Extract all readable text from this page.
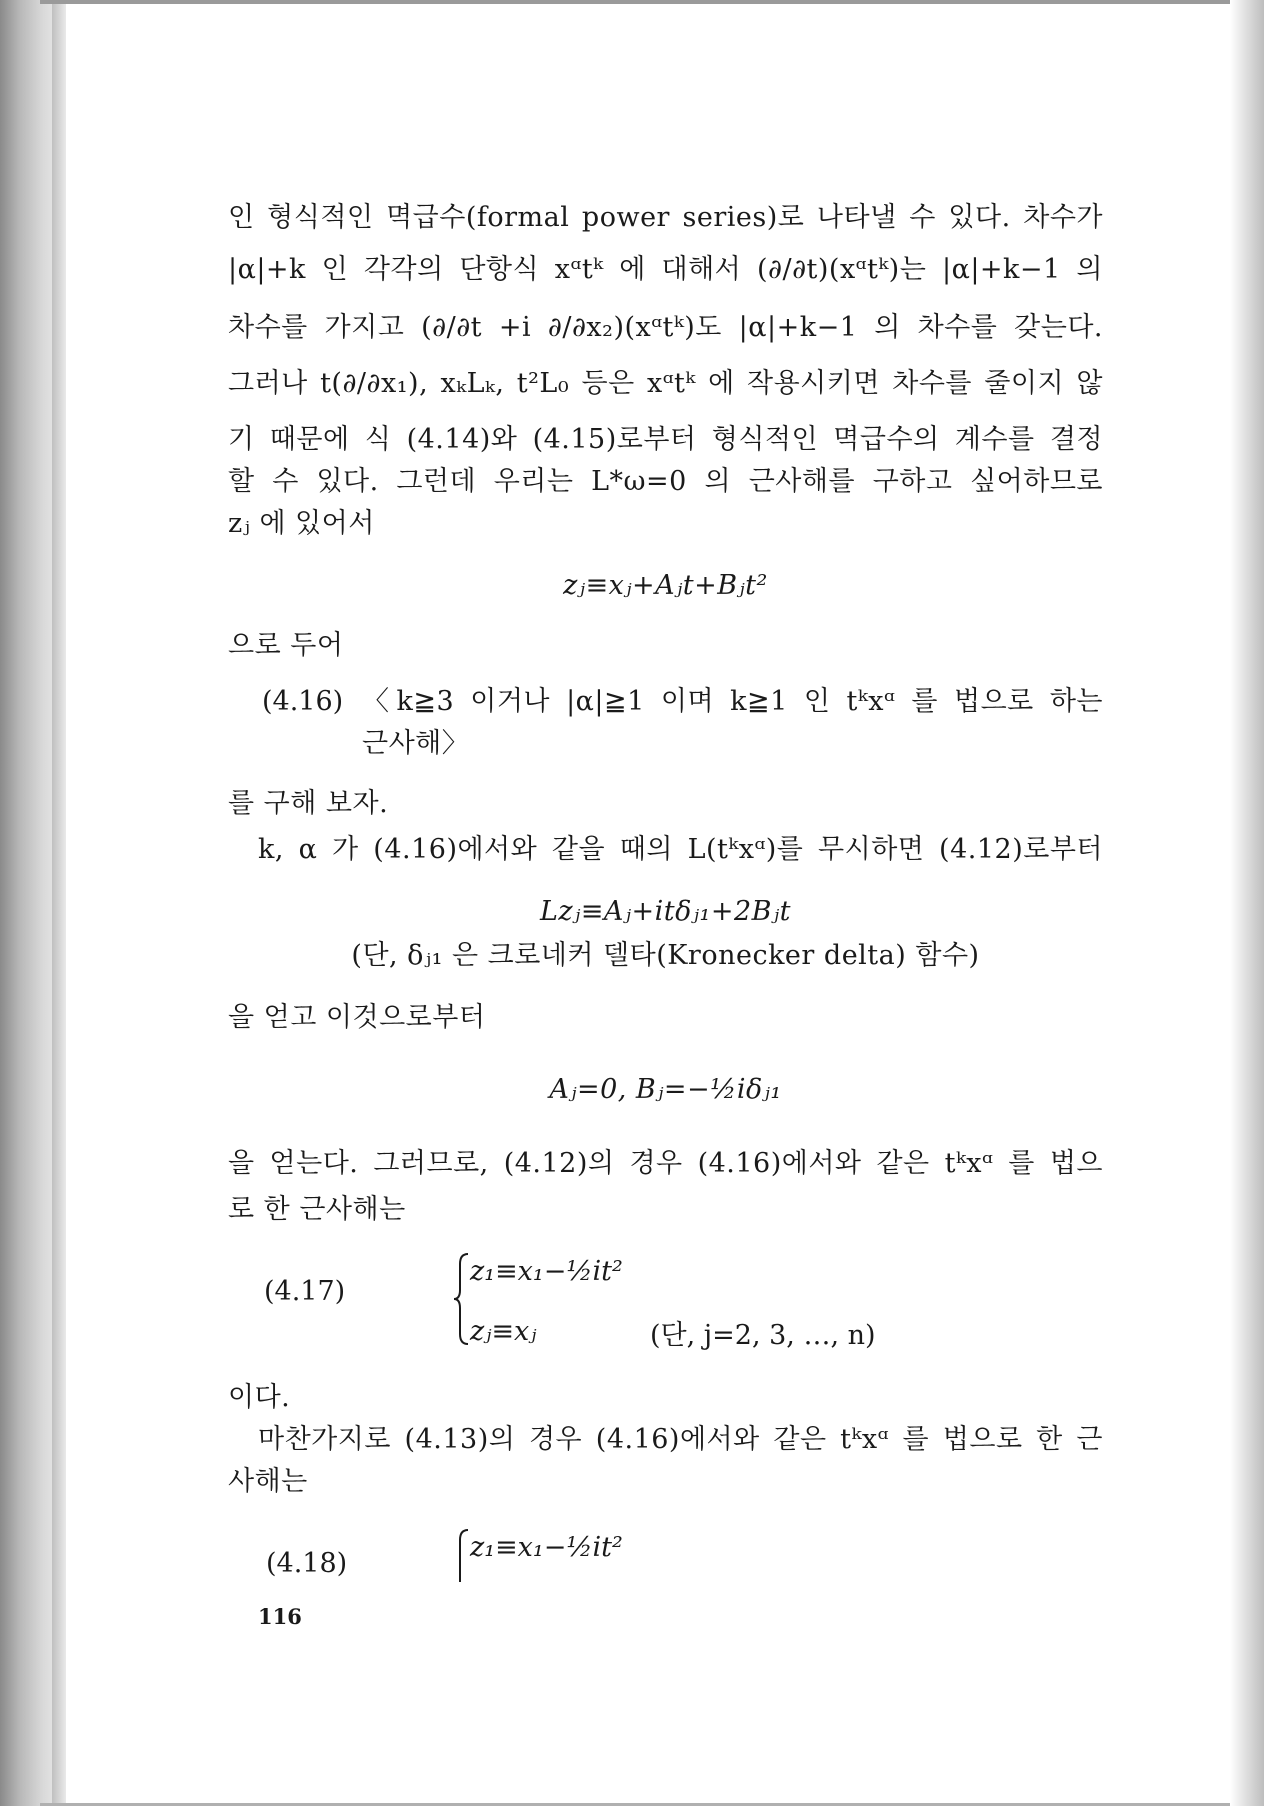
인 형식적인 멱급수(formal power series)로 나타낼 수 있다. 차수가
|α|+k 인 각각의 단항식 xᵅtᵏ 에 대해서 (∂/∂t)(xᵅtᵏ)는 |α|+k−1 의
차수를 가지고 (∂/∂t +i ∂/∂x₂)(xᵅtᵏ)도 |α|+k−1 의 차수를 갖는다.
그러나 t(∂/∂x₁), xₖLₖ, t²L₀ 등은 xᵅtᵏ 에 작용시키면 차수를 줄이지 않
기 때문에 식 (4.14)와 (4.15)로부터 형식적인 멱급수의 계수를 결정
할 수 있다. 그런데 우리는 L*ω=0 의 근사해를 구하고 싶어하므로
zⱼ 에 있어서
zⱼ≡xⱼ+Aⱼt+Bⱼt²
으로 두어
(4.16) 〈k≧3 이거나 |α|≧1 이며 k≧1 인 tᵏxᵅ 를 법으로 하는
근사해〉
를 구해 보자.
k, α 가 (4.16)에서와 같을 때의 L(tᵏxᵅ)를 무시하면 (4.12)로부터
Lzⱼ≡Aⱼ+itδⱼ₁+2Bⱼt
(단, δⱼ₁ 은 크로네커 델타(Kronecker delta) 함수)
을 얻고 이것으로부터
Aⱼ=0, Bⱼ=−½iδⱼ₁
을 얻는다. 그러므로, (4.12)의 경우 (4.16)에서와 같은 tᵏxᵅ 를 법으
로 한 근사해는
(4.17)
z₁≡x₁−½it²
zⱼ≡xⱼ	(단, j=2, 3, …, n)
이다.
마찬가지로 (4.13)의 경우 (4.16)에서와 같은 tᵏxᵅ 를 법으로 한 근
사해는
(4.18)
z₁≡x₁−½it²
116
